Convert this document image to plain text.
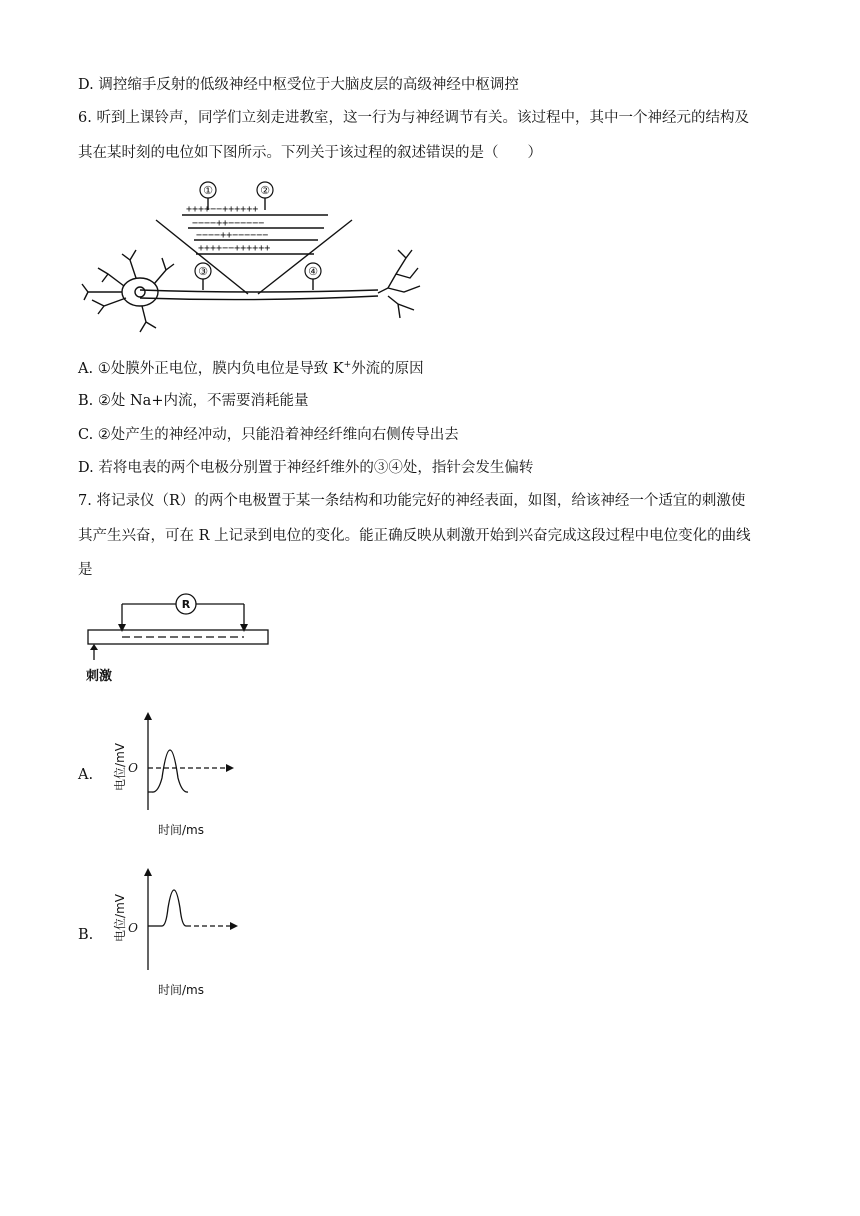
D. 调控缩手反射的低级神经中枢受位于大脑皮层的高级神经中枢调控
6. 听到上课铃声，同学们立刻走进教室，这一行为与神经调节有关。该过程中，其中一个神经元的结构及
其在某时刻的电位如下图所示。下列关于该过程的叙述错误的是（　　）
①	②
③	④
++++−−++++++
−−−−++−−−−−−
−−−−++−−−−−−
++++−−++++++
A. ①处膜外正电位，膜内负电位是导致 K+外流的原因
B. ②处 Na+内流，不需要消耗能量
C. ②处产生的神经冲动，只能沿着神经纤维向右侧传导出去
D. 若将电表的两个电极分别置于神经纤维外的③④处，指针会发生偏转
7. 将记录仪（R）的两个电极置于某一条结构和功能完好的神经表面，如图，给该神经一个适宜的刺激使
其产生兴奋，可在 R 上记录到电位的变化。能正确反映从刺激开始到兴奋完成这段过程中电位变化的曲线
是
R
刺激
A.	O
电位/mV
时间/ms
B.	O
电位/mV
时间/ms
